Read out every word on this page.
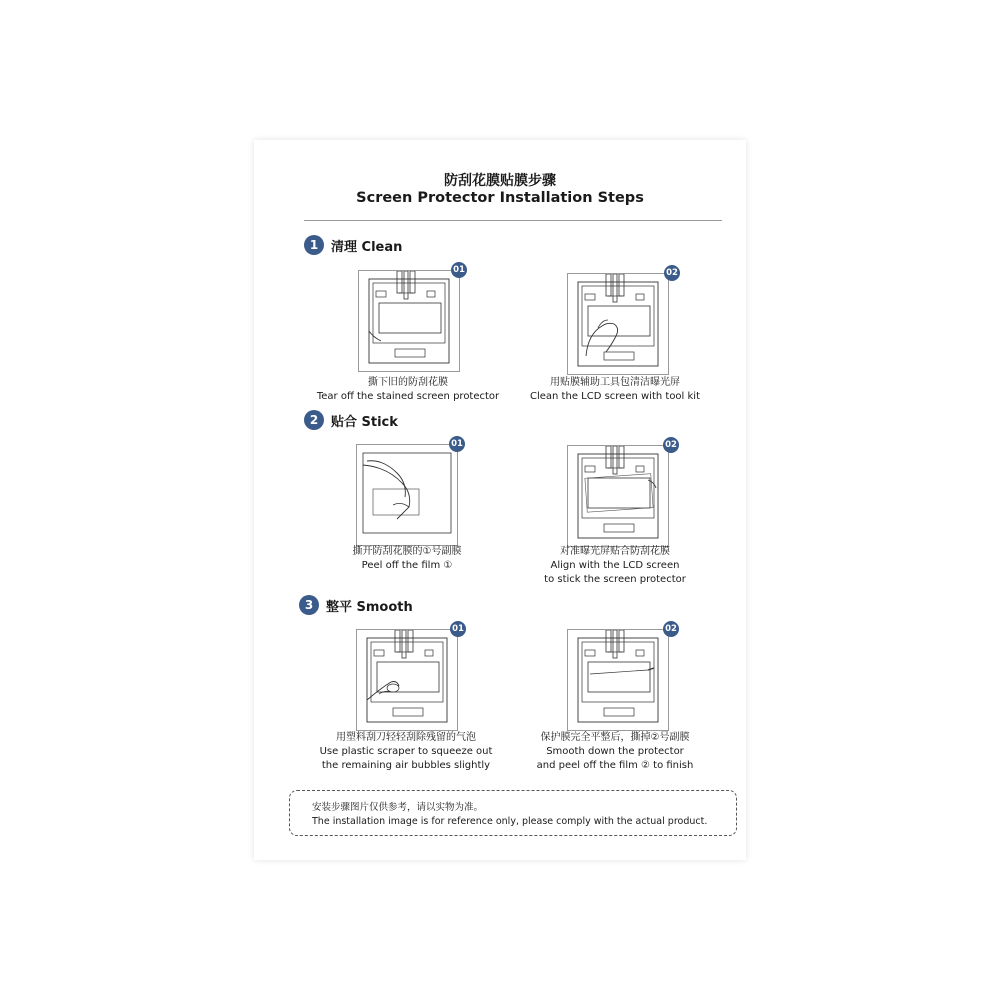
防刮花膜贴膜步骤
Screen Protector Installation Steps
1 清理 Clean
01
撕下旧的防刮花膜
Tear off the stained screen protector
02
用贴膜辅助工具包清洁曝光屏
Clean the LCD screen with tool kit
2 贴合 Stick
01
撕开防刮花膜的①号副膜
Peel off the film ①
02
对准曝光屏贴合防刮花膜
Align with the LCD screen
to stick the screen protector
3 整平 Smooth
01
用塑料刮刀轻轻刮除残留的气泡
Use plastic scraper to squeeze out
the remaining air bubbles slightly
02
保护膜完全平整后，撕掉②号副膜
Smooth down the protector
and peel off the film ② to finish
安装步骤图片仅供参考，请以实物为准。
The installation image is for reference only, please comply with the actual product.
